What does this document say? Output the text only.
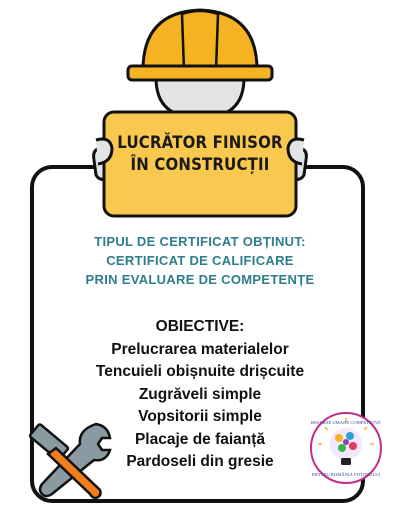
LUCRĂTOR FINISOR
ÎN CONSTRUCȚII
TIPUL DE CERTIFICAT OBȚINUT:
CERTIFICAT DE CALIFICARE
PRIN EVALUARE DE COMPETENȚE
OBIECTIVE:
Prelucrarea materialelor
Tencuieli obișnuite drișcuite
Zugrăveli simple
Vopsitorii simple
Placaje de faianță
Pardoseli din gresie
RESURSE UMANE COMPETITIVE
PENTRU ROMÂNIA VIITORULUI
